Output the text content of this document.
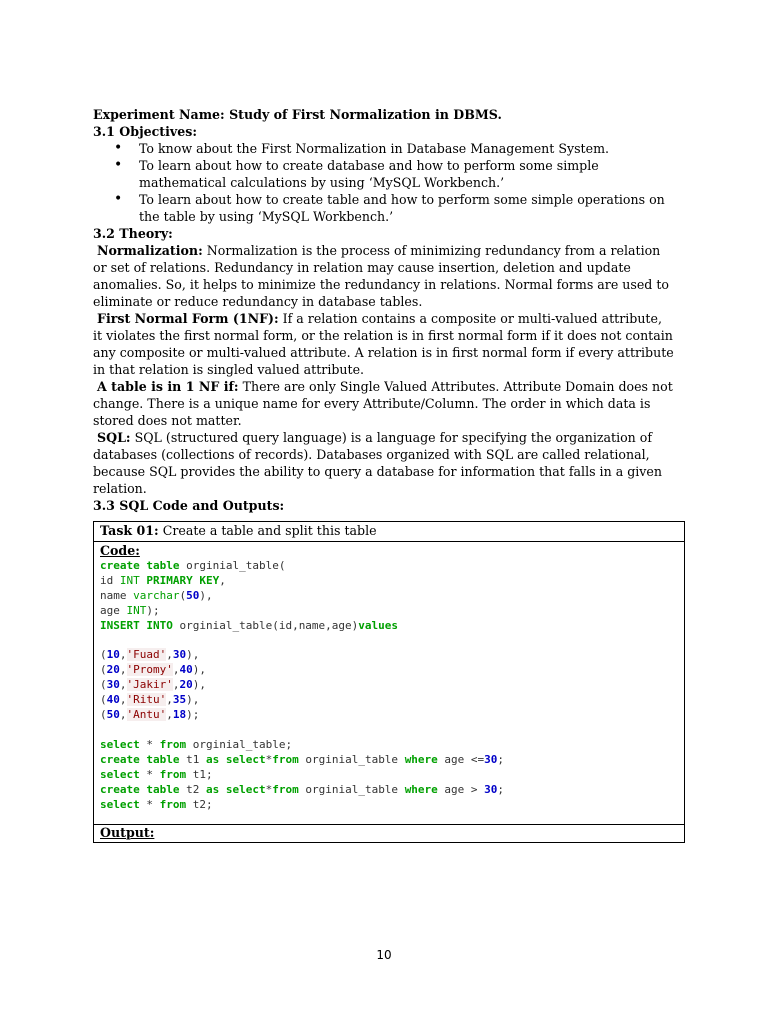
Experiment Name: Study of First Normalization in DBMS.

3.1 Objectives:

• To know about the First Normalization in Database Management System.
• To learn about how to create database and how to perform some simple mathematical calculations by using ‘MySQL Workbench.’
• To learn about how to create table and how to perform some simple operations on the table by using ‘MySQL Workbench.’

3.2 Theory:

Normalization: Normalization is the process of minimizing redundancy from a relation or set of relations. Redundancy in relation may cause insertion, deletion and update anomalies. So, it helps to minimize the redundancy in relations. Normal forms are used to eliminate or reduce redundancy in database tables.

First Normal Form (1NF): If a relation contains a composite or multi-valued attribute, it violates the first normal form, or the relation is in first normal form if it does not contain any composite or multi-valued attribute. A relation is in first normal form if every attribute in that relation is singled valued attribute.

A table is in 1 NF if: There are only Single Valued Attributes. Attribute Domain does not change. There is a unique name for every Attribute/Column. The order in which data is stored does not matter.

SQL: SQL (structured query language) is a language for specifying the organization of databases (collections of records). Databases organized with SQL are called relational, because SQL provides the ability to query a database for information that falls in a given relation.

3.3 SQL Code and Outputs:

Task 01: Create a table and split this table
Code:
create table orginial_table(
id INT PRIMARY KEY,
name varchar(50),
age INT);
INSERT INTO orginial_table(id,name,age)values

(10,'Fuad',30),
(20,'Promy',40),
(30,'Jakir',20),
(40,'Ritu',35),
(50,'Antu',18);

select * from orginial_table;
create table t1 as select*from orginial_table where age <=30;
select * from t1;
create table t2 as select*from orginial_table where age > 30;
select * from t2;
Output:
10
